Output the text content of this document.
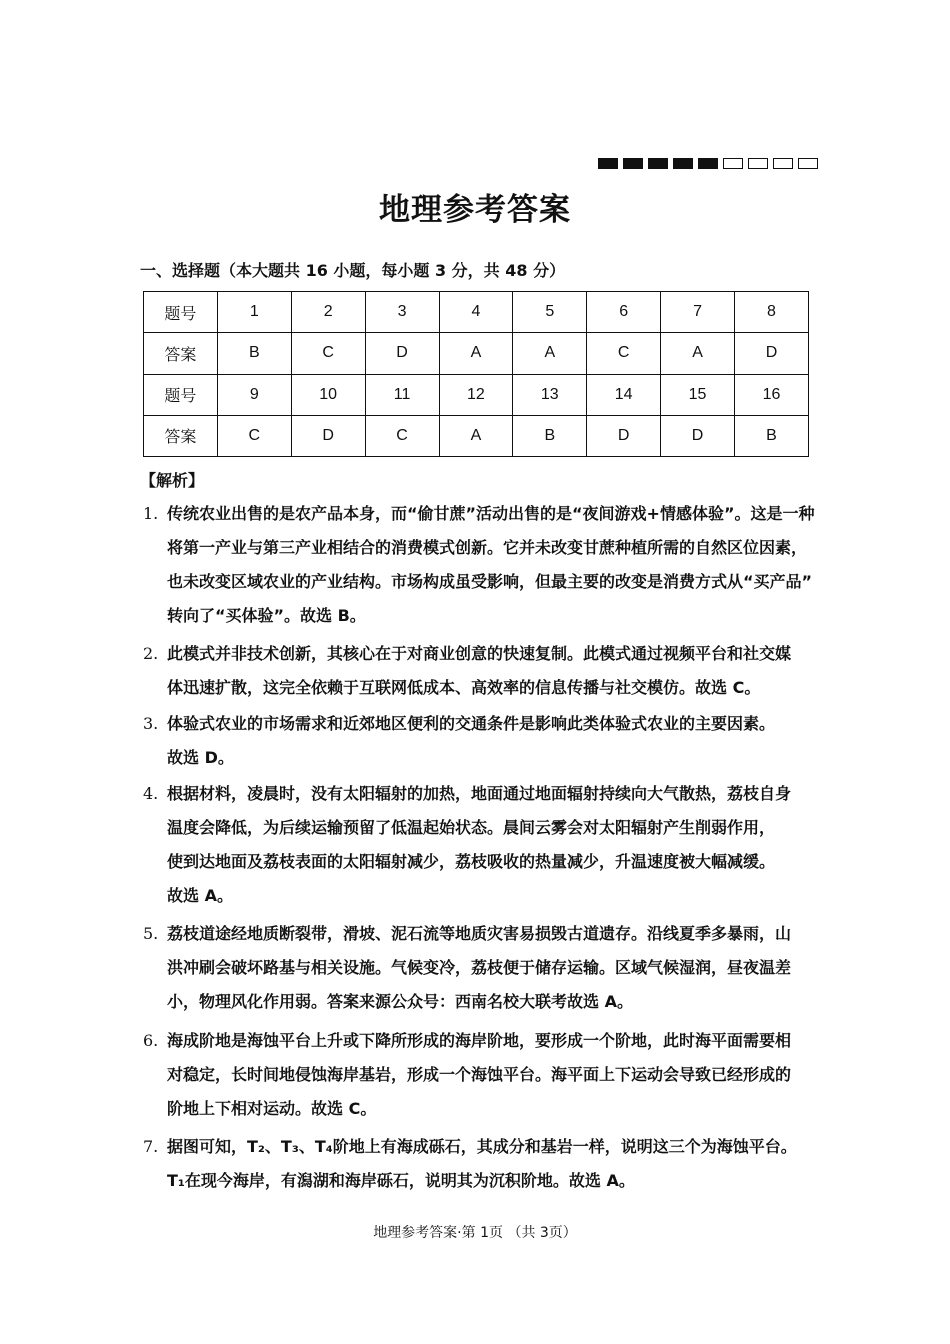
地理参考答案
一、选择题（本大题共 16 小题，每小题 3 分，共 48 分）
题号	1	2	3	4	5	6	7	8
答案	B	C	D	A	A	C	A	D
题号	9	10	11	12	13	14	15	16
答案	C	D	C	A	B	D	D	B
【解析】
1. 传统农业出售的是农产品本身，而“偷甘蔗”活动出售的是“夜间游戏+情感体验”。这是一种
将第一产业与第三产业相结合的消费模式创新。它并未改变甘蔗种植所需的自然区位因素，
也未改变区域农业的产业结构。市场构成虽受影响，但最主要的改变是消费方式从“买产品”
转向了“买体验”。故选 B。
2. 此模式并非技术创新，其核心在于对商业创意的快速复制。此模式通过视频平台和社交媒
体迅速扩散，这完全依赖于互联网低成本、高效率的信息传播与社交模仿。故选 C。
3. 体验式农业的市场需求和近郊地区便利的交通条件是影响此类体验式农业的主要因素。
故选 D。
4. 根据材料，凌晨时，没有太阳辐射的加热，地面通过地面辐射持续向大气散热，荔枝自身
温度会降低，为后续运输预留了低温起始状态。晨间云雾会对太阳辐射产生削弱作用，
使到达地面及荔枝表面的太阳辐射减少，荔枝吸收的热量减少，升温速度被大幅减缓。
故选 A。
5. 荔枝道途经地质断裂带，滑坡、泥石流等地质灾害易损毁古道遗存。沿线夏季多暴雨，山
洪冲刷会破坏路基与相关设施。气候变冷，荔枝便于储存运输。区域气候湿润，昼夜温差
小，物理风化作用弱。答案来源公众号：西南名校大联考故选 A。
6. 海成阶地是海蚀平台上升或下降所形成的海岸阶地，要形成一个阶地，此时海平面需要相
对稳定，长时间地侵蚀海岸基岩，形成一个海蚀平台。海平面上下运动会导致已经形成的
阶地上下相对运动。故选 C。
7. 据图可知，T₂、T₃、T₄阶地上有海成砾石，其成分和基岩一样，说明这三个为海蚀平台。
T₁在现今海岸，有潟湖和海岸砾石，说明其为沉积阶地。故选 A。
地理参考答案·第 1页 （共 3页）
